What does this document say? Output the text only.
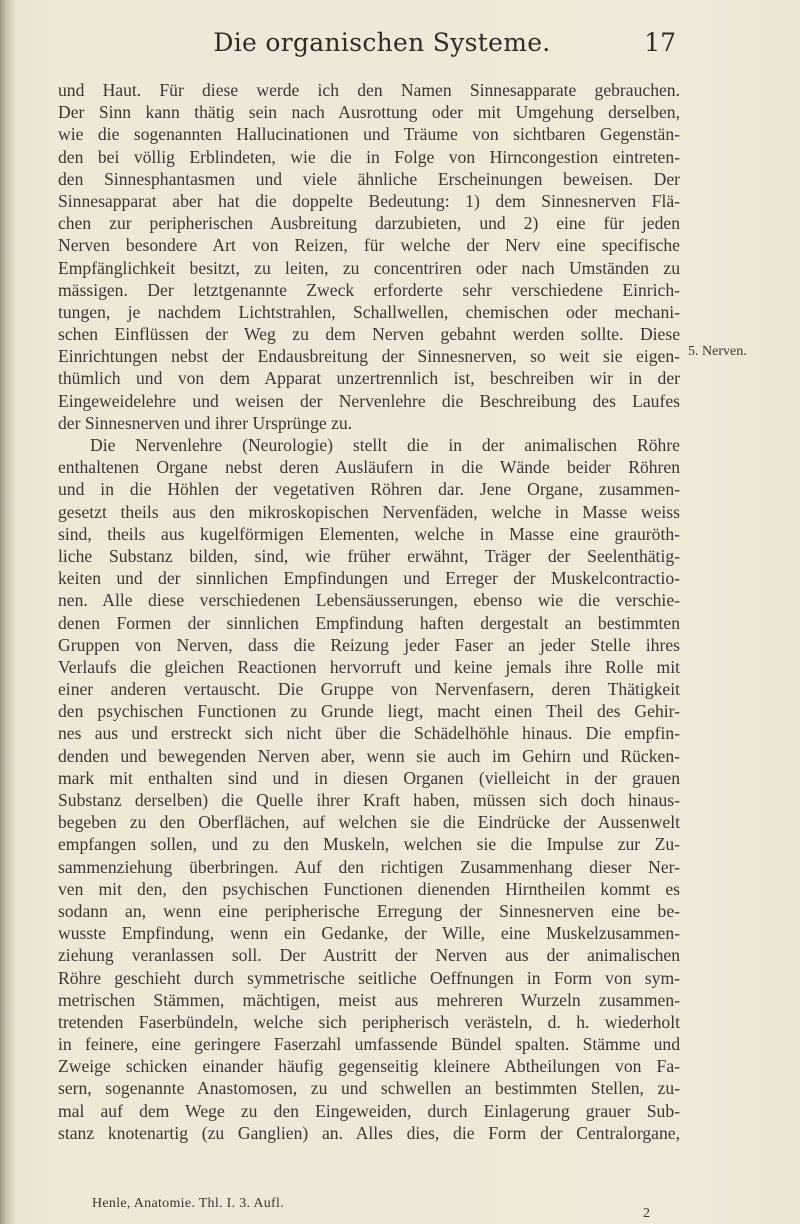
Die organischen Systeme.	17
und Haut. Für diese werde ich den Namen Sinnesapparate gebrauchen.
Der Sinn kann thätig sein nach Ausrottung oder mit Umgehung derselben,
wie die sogenannten Hallucinationen und Träume von sichtbaren Gegenstän-
den bei völlig Erblindeten, wie die in Folge von Hirncongestion eintreten-
den Sinnesphantasmen und viele ähnliche Erscheinungen beweisen. Der
Sinnesapparat aber hat die doppelte Bedeutung: 1) dem Sinnesnerven Flä-
chen zur peripherischen Ausbreitung darzubieten, und 2) eine für jeden
Nerven besondere Art von Reizen, für welche der Nerv eine specifische
Empfänglichkeit besitzt, zu leiten, zu concentriren oder nach Umständen zu
mässigen. Der letztgenannte Zweck erforderte sehr verschiedene Einrich-
tungen, je nachdem Lichtstrahlen, Schallwellen, chemischen oder mechani-
schen Einflüssen der Weg zu dem Nerven gebahnt werden sollte. Diese
Einrichtungen nebst der Endausbreitung der Sinnesnerven, so weit sie eigen-
thümlich und von dem Apparat unzertrennlich ist, beschreiben wir in der
Eingeweidelehre und weisen der Nervenlehre die Beschreibung des Laufes
der Sinnesnerven und ihrer Ursprünge zu.
Die Nervenlehre (Neurologie) stellt die in der animalischen Röhre
enthaltenen Organe nebst deren Ausläufern in die Wände beider Röhren
und in die Höhlen der vegetativen Röhren dar. Jene Organe, zusammen-
gesetzt theils aus den mikroskopischen Nervenfäden, welche in Masse weiss
sind, theils aus kugelförmigen Elementen, welche in Masse eine grauröth-
liche Substanz bilden, sind, wie früher erwähnt, Träger der Seelenthätig-
keiten und der sinnlichen Empfindungen und Erreger der Muskelcontractio-
nen. Alle diese verschiedenen Lebensäusserungen, ebenso wie die verschie-
denen Formen der sinnlichen Empfindung haften dergestalt an bestimmten
Gruppen von Nerven, dass die Reizung jeder Faser an jeder Stelle ihres
Verlaufs die gleichen Reactionen hervorruft und keine jemals ihre Rolle mit
einer anderen vertauscht. Die Gruppe von Nervenfasern, deren Thätigkeit
den psychischen Functionen zu Grunde liegt, macht einen Theil des Gehir-
nes aus und erstreckt sich nicht über die Schädelhöhle hinaus. Die empfin-
denden und bewegenden Nerven aber, wenn sie auch im Gehirn und Rücken-
mark mit enthalten sind und in diesen Organen (vielleicht in der grauen
Substanz derselben) die Quelle ihrer Kraft haben, müssen sich doch hinaus-
begeben zu den Oberflächen, auf welchen sie die Eindrücke der Aussenwelt
empfangen sollen, und zu den Muskeln, welchen sie die Impulse zur Zu-
sammenziehung überbringen. Auf den richtigen Zusammenhang dieser Ner-
ven mit den, den psychischen Functionen dienenden Hirntheilen kommt es
sodann an, wenn eine peripherische Erregung der Sinnesnerven eine be-
wusste Empfindung, wenn ein Gedanke, der Wille, eine Muskelzusammen-
ziehung veranlassen soll. Der Austritt der Nerven aus der animalischen
Röhre geschieht durch symmetrische seitliche Oeffnungen in Form von sym-
metrischen Stämmen, mächtigen, meist aus mehreren Wurzeln zusammen-
tretenden Faserbündeln, welche sich peripherisch verästeln, d. h. wiederholt
in feinere, eine geringere Faserzahl umfassende Bündel spalten. Stämme und
Zweige schicken einander häufig gegenseitig kleinere Abtheilungen von Fa-
sern, sogenannte Anastomosen, zu und schwellen an bestimmten Stellen, zu-
mal auf dem Wege zu den Eingeweiden, durch Einlagerung grauer Sub-
stanz knotenartig (zu Ganglien) an. Alles dies, die Form der Centralorgane,
5. Nerven.
Henle, Anatomie. Thl. I. 3. Aufl.
2
